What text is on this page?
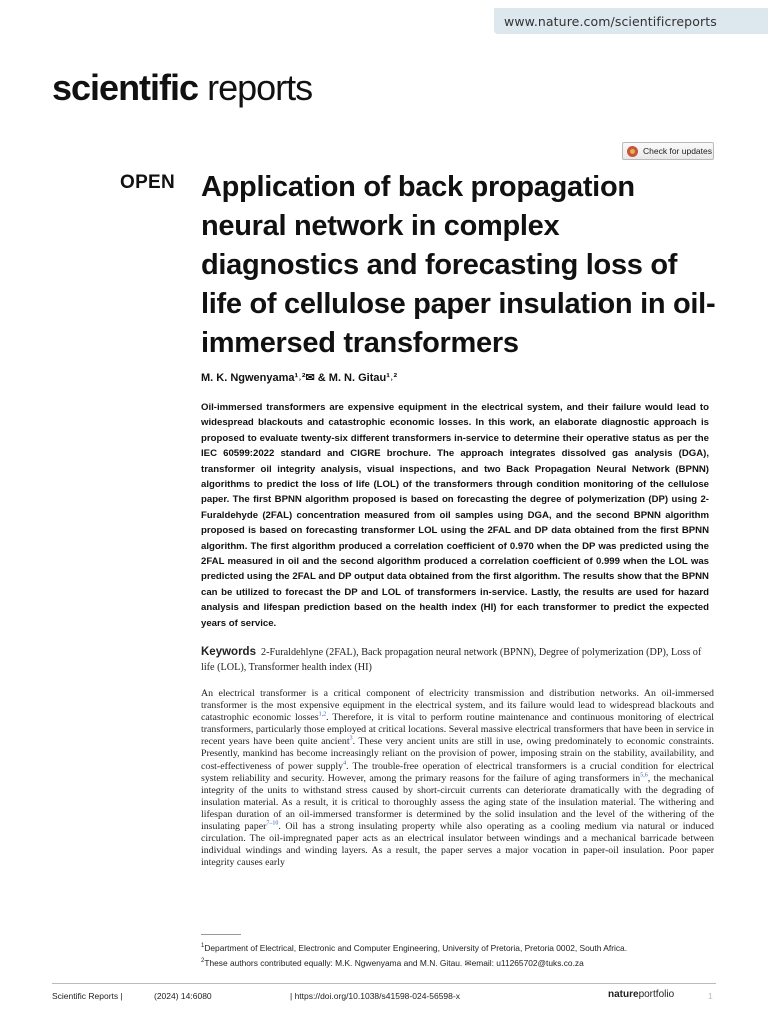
www.nature.com/scientificreports
scientific reports
Check for updates
OPEN Application of back propagation neural network in complex diagnostics and forecasting loss of life of cellulose paper insulation in oil-immersed transformers
M. K. Ngwenyama¹˒²✉ & M. N. Gitau¹˒²

Oil-immersed transformers are expensive equipment in the electrical system, and their failure would lead to widespread blackouts and catastrophic economic losses. In this work, an elaborate diagnostic approach is proposed to evaluate twenty-six different transformers in-service to determine their operative status as per the IEC 60599:2022 standard and CIGRE brochure. The approach integrates dissolved gas analysis (DGA), transformer oil integrity analysis, visual inspections, and two Back Propagation Neural Network (BPNN) algorithms to predict the loss of life (LOL) of the transformers through condition monitoring of the cellulose paper. The first BPNN algorithm proposed is based on forecasting the degree of polymerization (DP) using 2-Furaldehyde (2FAL) concentration measured from oil samples using DGA, and the second BPNN algorithm proposed is based on forecasting transformer LOL using the 2FAL and DP data obtained from the first BPNN algorithm. The first algorithm produced a correlation coefficient of 0.970 when the DP was predicted using the 2FAL measured in oil and the second algorithm produced a correlation coefficient of 0.999 when the LOL was predicted using the 2FAL and DP output data obtained from the first algorithm. The results show that the BPNN can be utilized to forecast the DP and LOL of transformers in-service. Lastly, the results are used for hazard analysis and lifespan prediction based on the health index (HI) for each transformer to predict the expected years of service.

Keywords 2-Furaldehlyne (2FAL), Back propagation neural network (BPNN), Degree of polymerization (DP), Loss of life (LOL), Transformer health index (HI)

An electrical transformer is a critical component of electricity transmission and distribution networks. An oil-immersed transformer is the most expensive equipment in the electrical system, and its failure would lead to widespread blackouts and catastrophic economic losses$^{1,2}$. Therefore, it is vital to perform routine maintenance and continuous monitoring of electrical transformers, particularly those employed at critical locations. Several massive electrical transformers that have been in service in recent years have been quite ancient$^3$. These very ancient units are still in use, owing predominately to economic constraints. Presently, mankind has become increasingly reliant on the provision of power, imposing strain on the stability, availability, and cost-effectiveness of power supply$^4$. The trouble-free operation of electrical transformers is a crucial condition for electrical system reliability and security. However, among the primary reasons for the failure of aging transformers in$^{5,6}$, the mechanical integrity of the units to withstand stress caused by short-circuit currents can deteriorate dramatically with the degrading of insulation material. As a result, it is critical to thoroughly assess the aging state of the insulation material. The withering and lifespan duration of an oil-immersed transformer is determined by the solid insulation and the level of the withering of the insulating paper$^{7-10}$. Oil has a strong insulating property while also operating as a cooling medium via natural or induced circulation. The oil-impregnated paper acts as an electrical insulator between windings and a mechanical barricade between individual windings and winding layers. As a result, the paper serves a major vocation in paper-oil insulation. Poor paper integrity causes early

$^1$Department of Electrical, Electronic and Computer Engineering, University of Pretoria, Pretoria 0002, South Africa.
$^2$These authors contributed equally: M.K. Ngwenyama and M.N. Gitau. ✉email: u11265702@tuks.co.za
Scientific Reports |	(2024) 14:6080	| https://doi.org/10.1038/s41598-024-56598-x	natureportfolio	1
